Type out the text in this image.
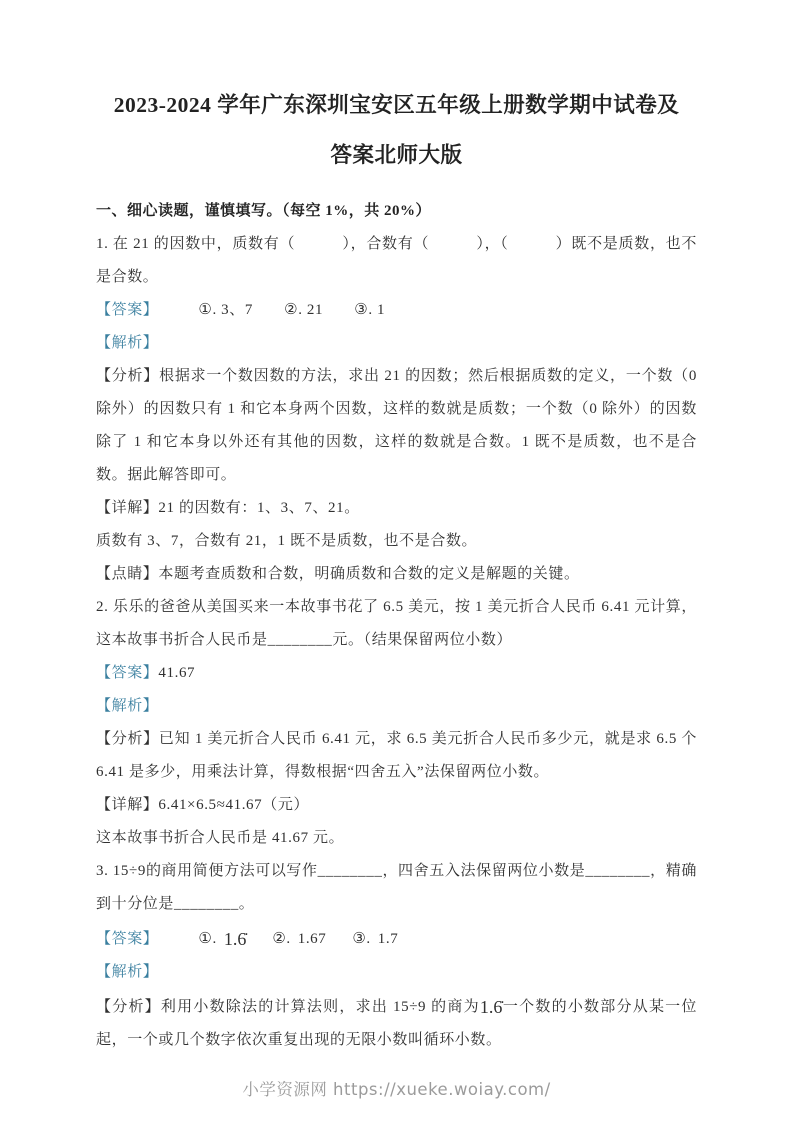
2023-2024 学年广东深圳宝安区五年级上册数学期中试卷及
答案北师大版
一、细心读题，谨慎填写。（每空 1%，共 20%）

1. 在 21 的因数中，质数有（　　　），合数有（　　　），（　　　）既不是质数，也不是合数。

【答案】	①. 3、7　　②. 21　　③. 1

【解析】

【分析】根据求一个数因数的方法，求出 21 的因数；然后根据质数的定义，一个数（0 除外）的因数只有 1 和它本身两个因数，这样的数就是质数；一个数（0 除外）的因数除了 1 和它本身以外还有其他的因数，这样的数就是合数。1 既不是质数，也不是合数。据此解答即可。

【详解】21 的因数有：1、3、7、21。

质数有 3、7，合数有 21，1 既不是质数，也不是合数。

【点睛】本题考查质数和合数，明确质数和合数的定义是解题的关键。

2. 乐乐的爸爸从美国买来一本故事书花了 6.5 美元，按 1 美元折合人民币 6.41 元计算，这本故事书折合人民币是________元。（结果保留两位小数）

【答案】41.67

【解析】

【分析】已知 1 美元折合人民币 6.41 元，求 6.5 美元折合人民币多少元，就是求 6.5 个 6.41 是多少，用乘法计算，得数根据“四舍五入”法保留两位小数。

【详解】6.41×6.5≈41.67（元）

这本故事书折合人民币是 41.67 元。

3. 15÷9的商用简便方法可以写作________，四舍五入法保留两位小数是________，精确到十分位是________。

【答案】	①. 1.6̇ ②. 1.67 ③. 1.7

【解析】

【分析】利用小数除法的计算法则，求出 15÷9 的商为1.6̇一个数的小数部分从某一位起，一个或几个数字依次重复出现的无限小数叫循环小数。

小学资源网 https://xueke.woiay.com/
